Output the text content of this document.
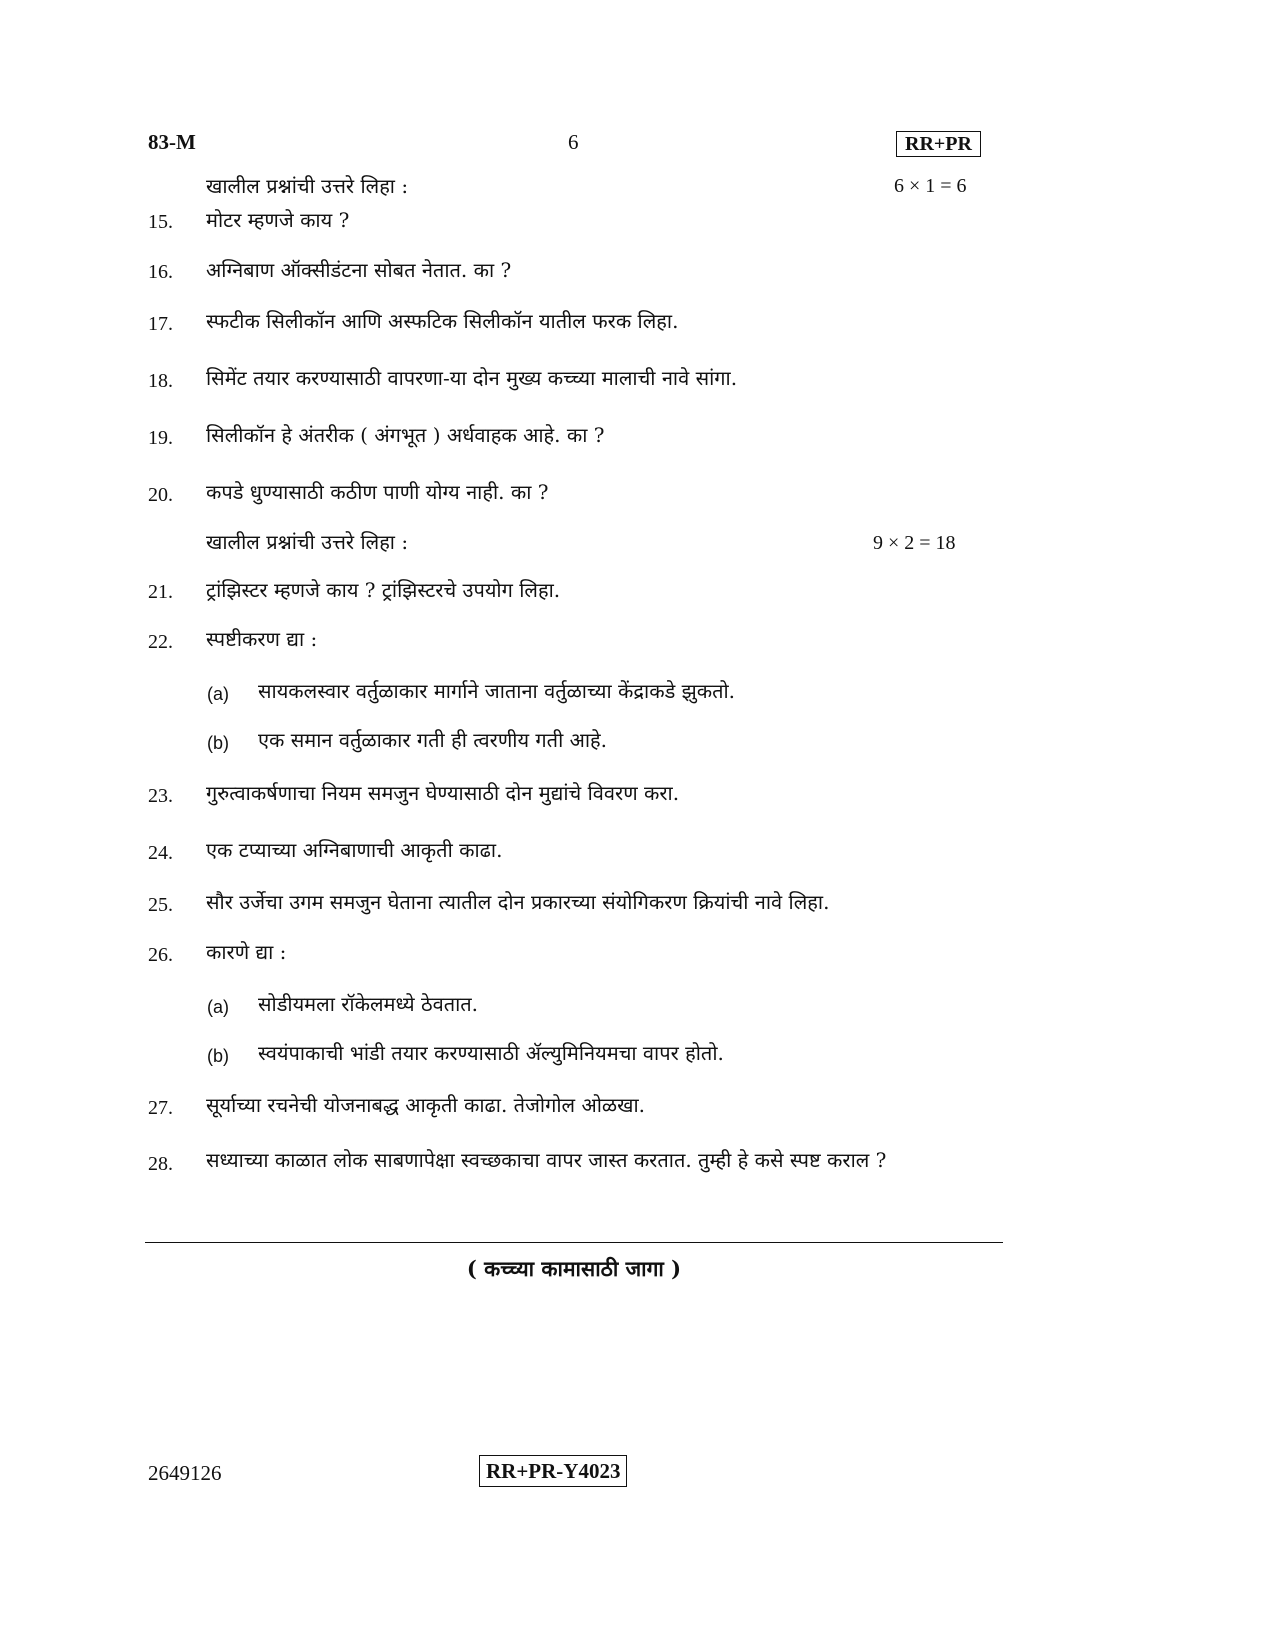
83-M	6	RR+PR
खालील प्रश्नांची उत्तरे लिहा :	6 × 1 = 6
15. मोटर म्हणजे काय ?
16. अग्निबाण ऑक्सीडंटना सोबत नेतात. का ?
17. स्फटीक सिलीकॉन आणि अस्फटिक सिलीकॉन यातील फरक लिहा.
18. सिमेंट तयार करण्यासाठी वापरणा-या दोन मुख्य कच्च्या मालाची नावे सांगा.
19. सिलीकॉन हे अंतरीक ( अंगभूत ) अर्धवाहक आहे. का ?
20. कपडे धुण्यासाठी कठीण पाणी योग्य नाही. का ?
खालील प्रश्नांची उत्तरे लिहा :	9 × 2 = 18
21. ट्रांझिस्टर म्हणजे काय ? ट्रांझिस्टरचे उपयोग लिहा.
22. स्पष्टीकरण द्या :
(a) सायकलस्वार वर्तुळाकार मार्गाने जाताना वर्तुळाच्या केंद्राकडे झुकतो.
(b) एक समान वर्तुळाकार गती ही त्वरणीय गती आहे.
23. गुरुत्वाकर्षणाचा नियम समजुन घेण्यासाठी दोन मुद्यांचे विवरण करा.
24. एक टप्याच्या अग्निबाणाची आकृती काढा.
25. सौर उर्जेचा उगम समजुन घेताना त्यातील दोन प्रकारच्या संयोगिकरण क्रियांची नावे लिहा.
26. कारणे द्या :
(a) सोडीयमला रॉकेलमध्ये ठेवतात.
(b) स्वयंपाकाची भांडी तयार करण्यासाठी ॲल्युमिनियमचा वापर होतो.
27. सूर्याच्या रचनेची योजनाबद्ध आकृती काढा. तेजोगोल ओळखा.
28. सध्याच्या काळात लोक साबणापेक्षा स्वच्छकाचा वापर जास्त करतात. तुम्ही हे कसे स्पष्ट कराल ?
( कच्च्या कामासाठी जागा )
2649126	RR+PR-Y4023
